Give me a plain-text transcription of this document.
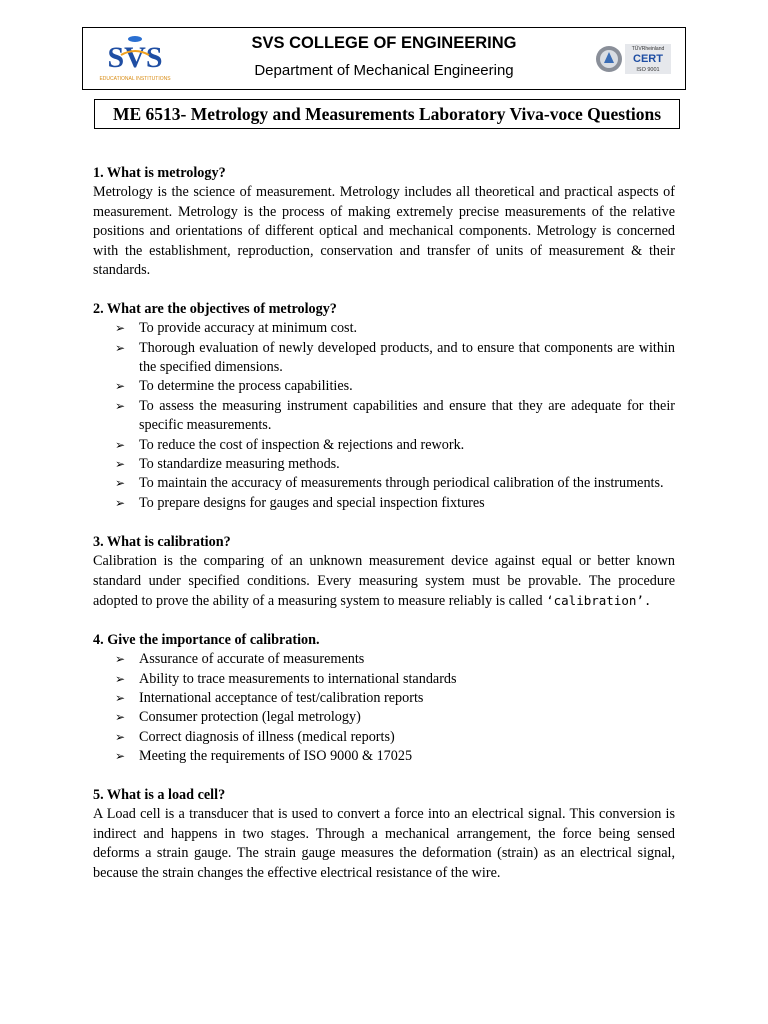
SVS
EDUCATIONAL INSTITUTIONS
SVS COLLEGE OF ENGINEERING
Department of Mechanical Engineering
TÜVRheinland
CERT
ISO 9001
ME 6513- Metrology and Measurements Laboratory Viva-voce Questions

1. What is metrology?

Metrology is the science of measurement. Metrology includes all theoretical and practical aspects of measurement. Metrology is the process of making extremely precise measurements of the relative positions and orientations of different optical and mechanical components. Metrology is concerned with the establishment, reproduction, conservation and transfer of units of measurement & their standards.

2. What are the objectives of metrology?

➢ To provide accuracy at minimum cost.
➢ Thorough evaluation of newly developed products, and to ensure that components are within the specified dimensions.
➢ To determine the process capabilities.
➢ To assess the measuring instrument capabilities and ensure that they are adequate for their specific measurements.
➢ To reduce the cost of inspection & rejections and rework.
➢ To standardize measuring methods.
➢ To maintain the accuracy of measurements through periodical calibration of the instruments.
➢ To prepare designs for gauges and special inspection fixtures

3. What is calibration?

Calibration is the comparing of an unknown measurement device against equal or better known standard under specified conditions. Every measuring system must be provable. The procedure adopted to prove the ability of a measuring system to measure reliably is called ‘calibration’.

4. Give the importance of calibration.

➢ Assurance of accurate of measurements
➢ Ability to trace measurements to international standards
➢ International acceptance of test/calibration reports
➢ Consumer protection (legal metrology)
➢ Correct diagnosis of illness (medical reports)
➢ Meeting the requirements of ISO 9000 & 17025

5. What is a load cell?

A Load cell is a transducer that is used to convert a force into an electrical signal. This conversion is indirect and happens in two stages. Through a mechanical arrangement, the force being sensed deforms a strain gauge. The strain gauge measures the deformation (strain) as an electrical signal, because the strain changes the effective electrical resistance of the wire.
